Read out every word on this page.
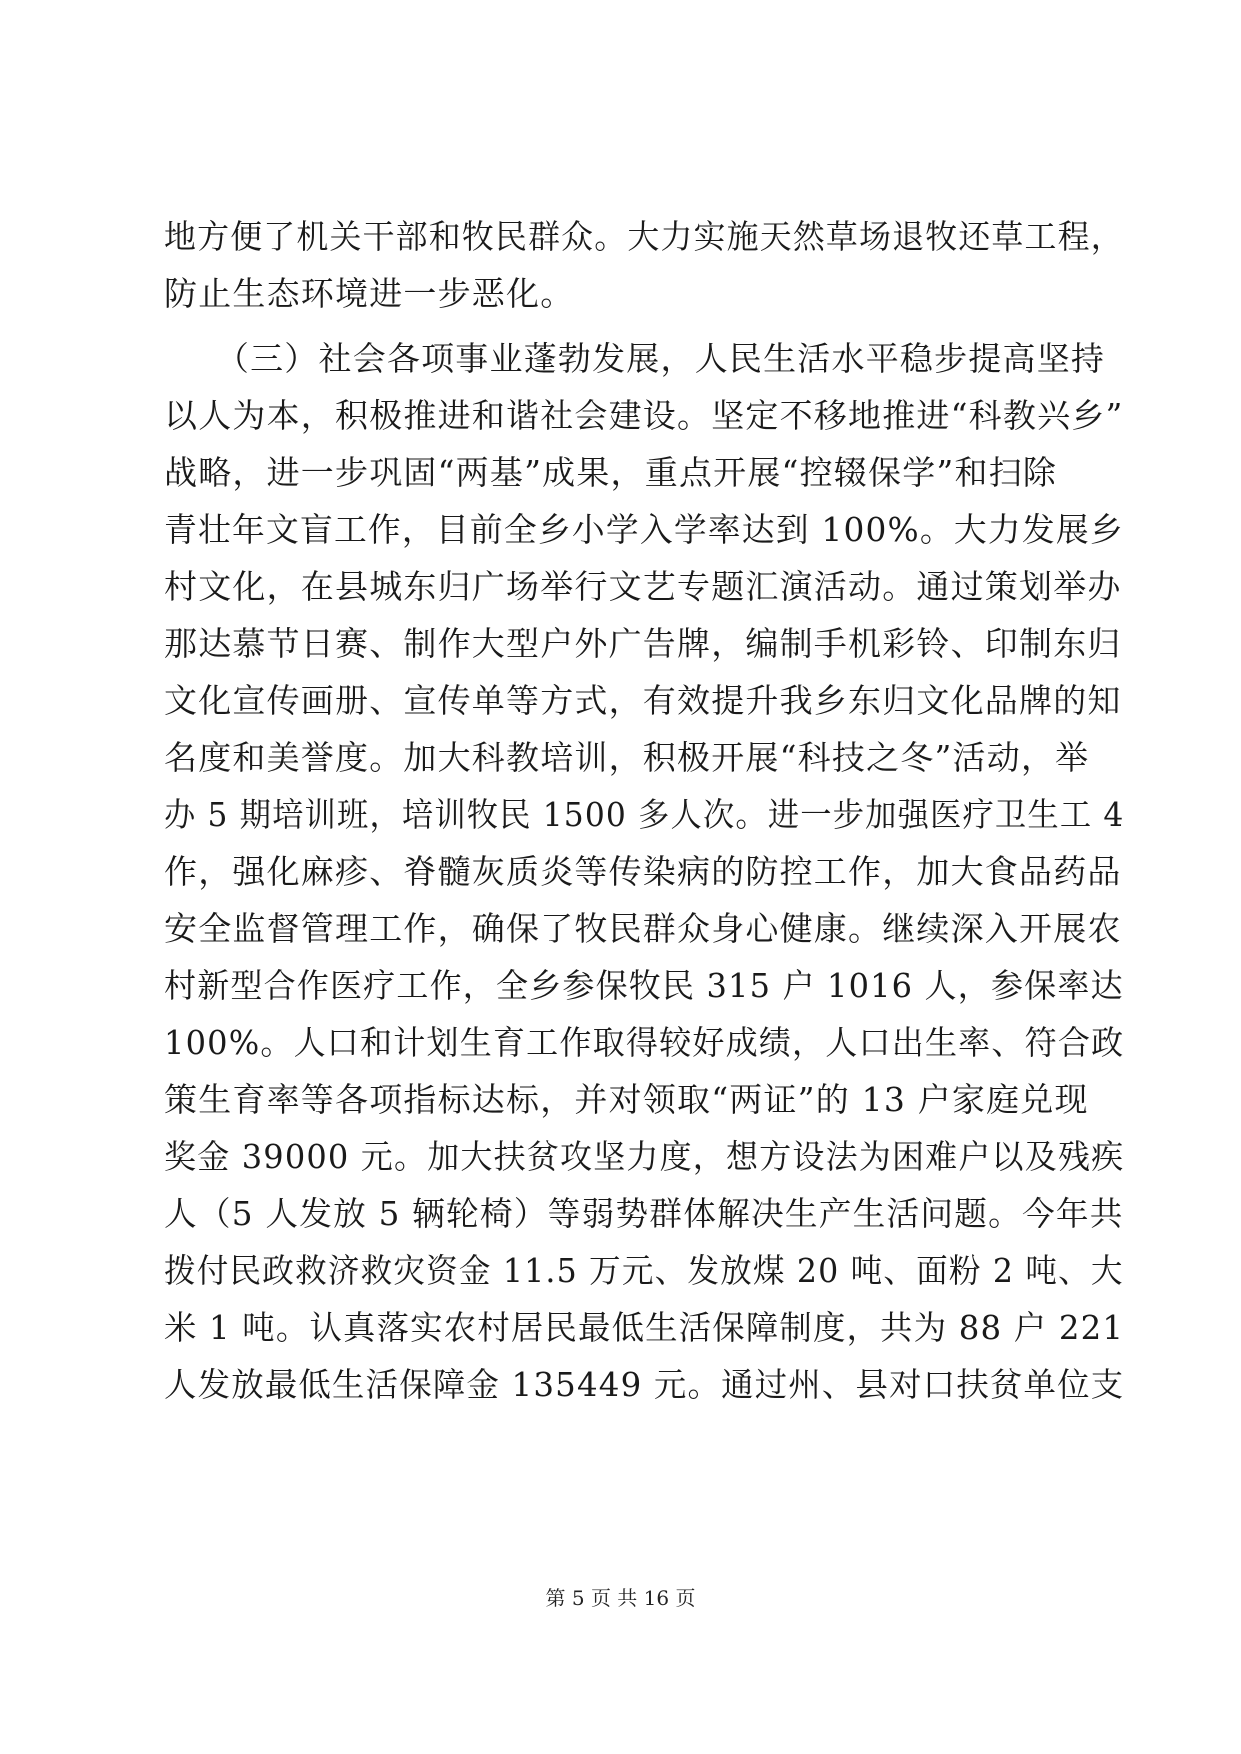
地方便了机关干部和牧民群众。大力实施天然草场退牧还草工程，
防止生态环境进一步恶化。
　　（三）社会各项事业蓬勃发展，人民生活水平稳步提高坚持
以人为本，积极推进和谐社会建设。坚定不移地推进“科教兴乡”
战略，进一步巩固“两基”成果，重点开展“控辍保学”和扫除
青壮年文盲工作，目前全乡小学入学率达到 100%。大力发展乡
村文化，在县城东归广场举行文艺专题汇演活动。通过策划举办
那达慕节日赛、制作大型户外广告牌，编制手机彩铃、印制东归
文化宣传画册、宣传单等方式，有效提升我乡东归文化品牌的知
名度和美誉度。加大科教培训，积极开展“科技之冬”活动，举
办 5 期培训班，培训牧民 1500 多人次。进一步加强医疗卫生工 4
作，强化麻疹、脊髓灰质炎等传染病的防控工作，加大食品药品
安全监督管理工作，确保了牧民群众身心健康。继续深入开展农
村新型合作医疗工作，全乡参保牧民 315 户 1016 人，参保率达
100%。人口和计划生育工作取得较好成绩，人口出生率、符合政
策生育率等各项指标达标，并对领取“两证”的 13 户家庭兑现
奖金 39000 元。加大扶贫攻坚力度，想方设法为困难户以及残疾
人（5 人发放 5 辆轮椅）等弱势群体解决生产生活问题。今年共
拨付民政救济救灾资金 11.5 万元、发放煤 20 吨、面粉 2 吨、大
米 1 吨。认真落实农村居民最低生活保障制度，共为 88 户 221
人发放最低生活保障金 135449 元。通过州、县对口扶贫单位支
第 5 页 共 16 页
